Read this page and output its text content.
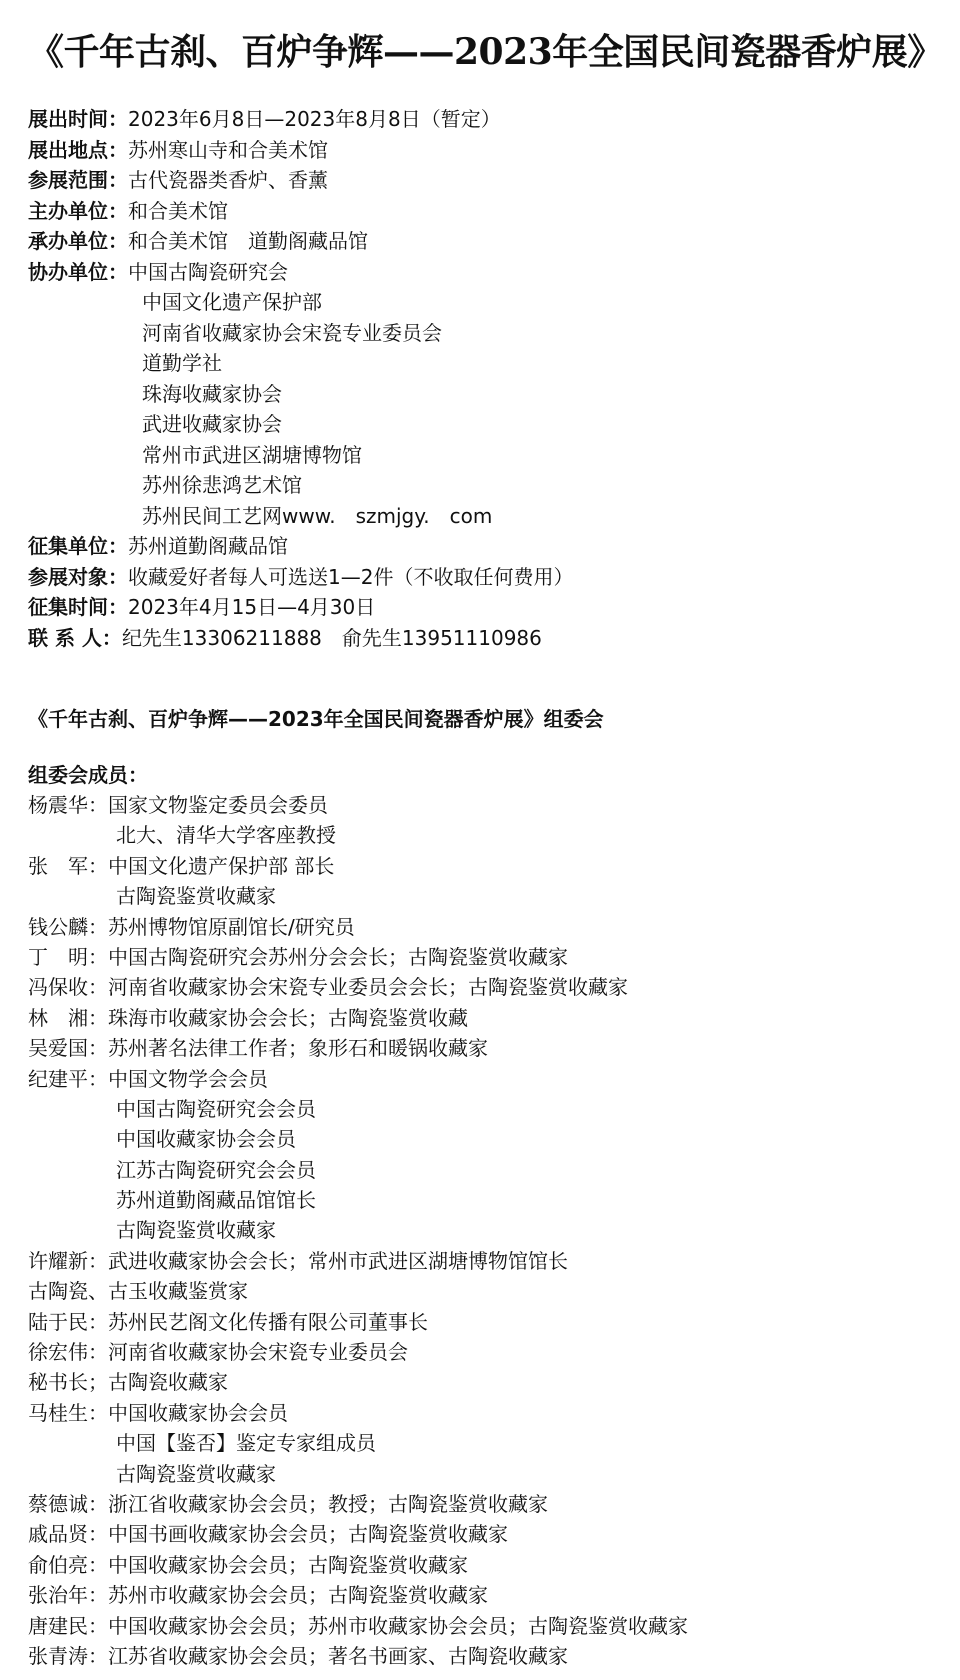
《千年古刹、百炉争辉——2023年全国民间瓷器香炉展》
展出时间：2023年6月8日—2023年8月8日（暂定）
展出地点：苏州寒山寺和合美术馆
参展范围：古代瓷器类香炉、香薰
主办单位：和合美术馆
承办单位：和合美术馆　道勤阁藏品馆
协办单位：中国古陶瓷研究会
中国文化遗产保护部
河南省收藏家协会宋瓷专业委员会
道勤学社
珠海收藏家协会
武进收藏家协会
常州市武进区湖塘博物馆
苏州徐悲鸿艺术馆
苏州民间工艺网www.　szmjgy.　com
征集单位：苏州道勤阁藏品馆
参展对象：收藏爱好者每人可选送1—2件（不收取任何费用）
征集时间：2023年4月15日—4月30日
联 系 人：纪先生13306211888　俞先生13951110986
《千年古刹、百炉争辉——2023年全国民间瓷器香炉展》组委会
组委会成员：
杨震华：国家文物鉴定委员会委员
北大、清华大学客座教授
张　军：中国文化遗产保护部 部长
古陶瓷鉴赏收藏家
钱公麟：苏州博物馆原副馆长/研究员
丁　明：中国古陶瓷研究会苏州分会会长；古陶瓷鉴赏收藏家
冯保收：河南省收藏家协会宋瓷专业委员会会长；古陶瓷鉴赏收藏家
林　湘：珠海市收藏家协会会长；古陶瓷鉴赏收藏
吴爱国：苏州著名法律工作者；象形石和暖锅收藏家
纪建平：中国文物学会会员
中国古陶瓷研究会会员
中国收藏家协会会员
江苏古陶瓷研究会会员
苏州道勤阁藏品馆馆长
古陶瓷鉴赏收藏家
许耀新：武进收藏家协会会长；常州市武进区湖塘博物馆馆长
古陶瓷、古玉收藏鉴赏家
陆于民：苏州民艺阁文化传播有限公司董事长
徐宏伟：河南省收藏家协会宋瓷专业委员会
秘书长；古陶瓷收藏家
马桂生：中国收藏家协会会员
中国【鉴否】鉴定专家组成员
古陶瓷鉴赏收藏家
蔡德诚：浙江省收藏家协会会员；教授；古陶瓷鉴赏收藏家
戚品贤：中国书画收藏家协会会员；古陶瓷鉴赏收藏家
俞伯亮：中国收藏家协会会员；古陶瓷鉴赏收藏家
张治年：苏州市收藏家协会会员；古陶瓷鉴赏收藏家
唐建民：中国收藏家协会会员；苏州市收藏家协会会员；古陶瓷鉴赏收藏家
张青涛：江苏省收藏家协会会员；著名书画家、古陶瓷收藏家
